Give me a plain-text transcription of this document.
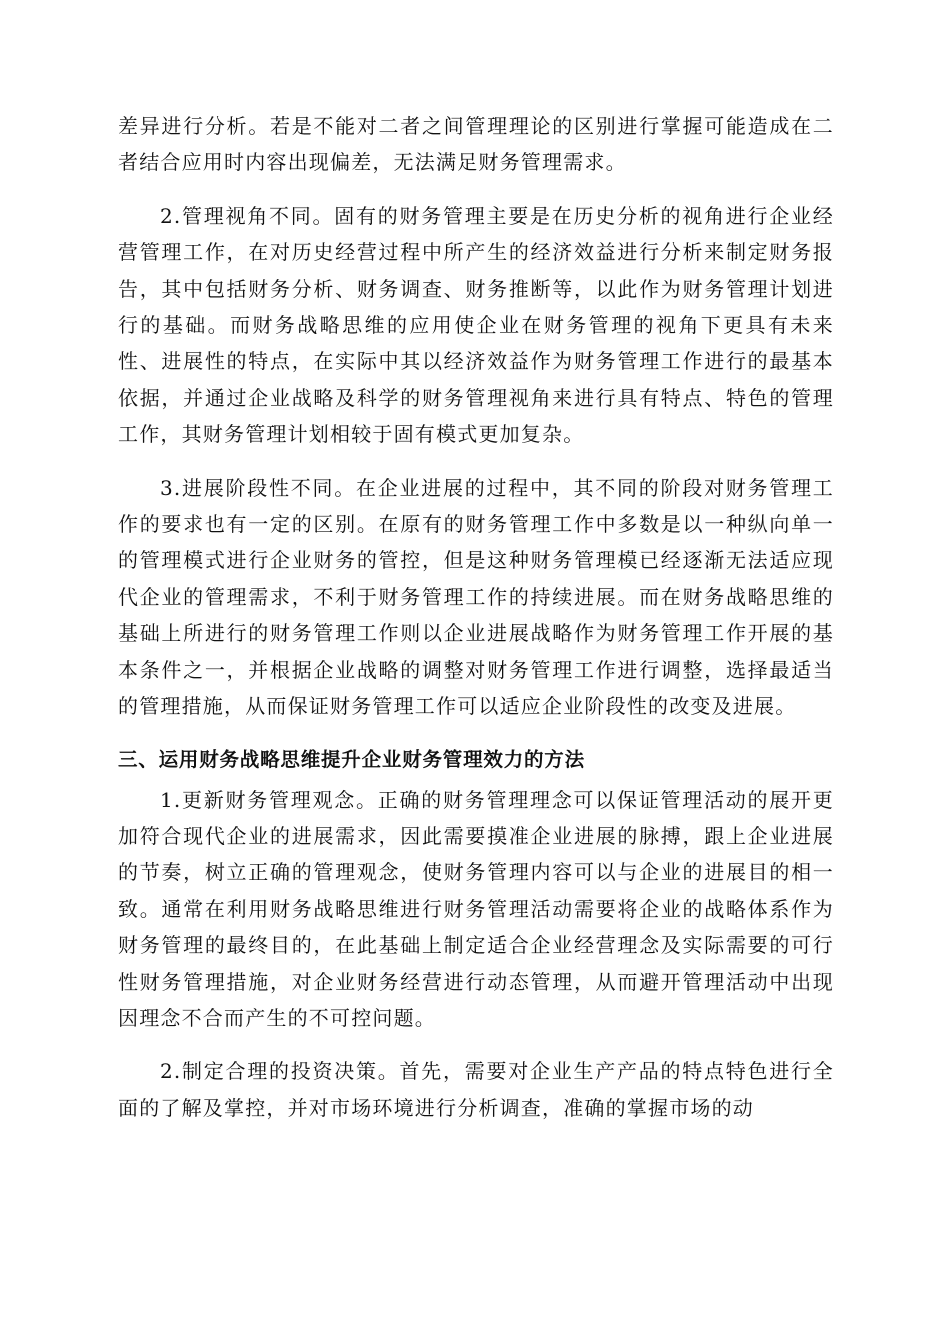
差异进行分析。若是不能对二者之间管理理论的区别进行掌握可能造成在二者结合应用时内容出现偏差，无法满足财务管理需求。

2.管理视角不同。固有的财务管理主要是在历史分析的视角进行企业经营管理工作，在对历史经营过程中所产生的经济效益进行分析来制定财务报告，其中包括财务分析、财务调查、财务推断等，以此作为财务管理计划进行的基础。而财务战略思维的应用使企业在财务管理的视角下更具有未来性、进展性的特点，在实际中其以经济效益作为财务管理工作进行的最基本依据，并通过企业战略及科学的财务管理视角来进行具有特点、特色的管理工作，其财务管理计划相较于固有模式更加复杂。

3.进展阶段性不同。在企业进展的过程中，其不同的阶段对财务管理工作的要求也有一定的区别。在原有的财务管理工作中多数是以一种纵向单一的管理模式进行企业财务的管控，但是这种财务管理模已经逐渐无法适应现代企业的管理需求，不利于财务管理工作的持续进展。而在财务战略思维的基础上所进行的财务管理工作则以企业进展战略作为财务管理工作开展的基本条件之一，并根据企业战略的调整对财务管理工作进行调整，选择最适当的管理措施，从而保证财务管理工作可以适应企业阶段性的改变及进展。

三、运用财务战略思维提升企业财务管理效力的方法

1.更新财务管理观念。正确的财务管理理念可以保证管理活动的展开更加符合现代企业的进展需求，因此需要摸准企业进展的脉搏，跟上企业进展的节奏，树立正确的管理观念，使财务管理内容可以与企业的进展目的相一致。通常在利用财务战略思维进行财务管理活动需要将企业的战略体系作为财务管理的最终目的，在此基础上制定适合企业经营理念及实际需要的可行性财务管理措施，对企业财务经营进行动态管理，从而避开管理活动中出现因理念不合而产生的不可控问题。

2.制定合理的投资决策。首先，需要对企业生产产品的特点特色进行全面的了解及掌控，并对市场环境进行分析调查，准确的掌握市场的动
